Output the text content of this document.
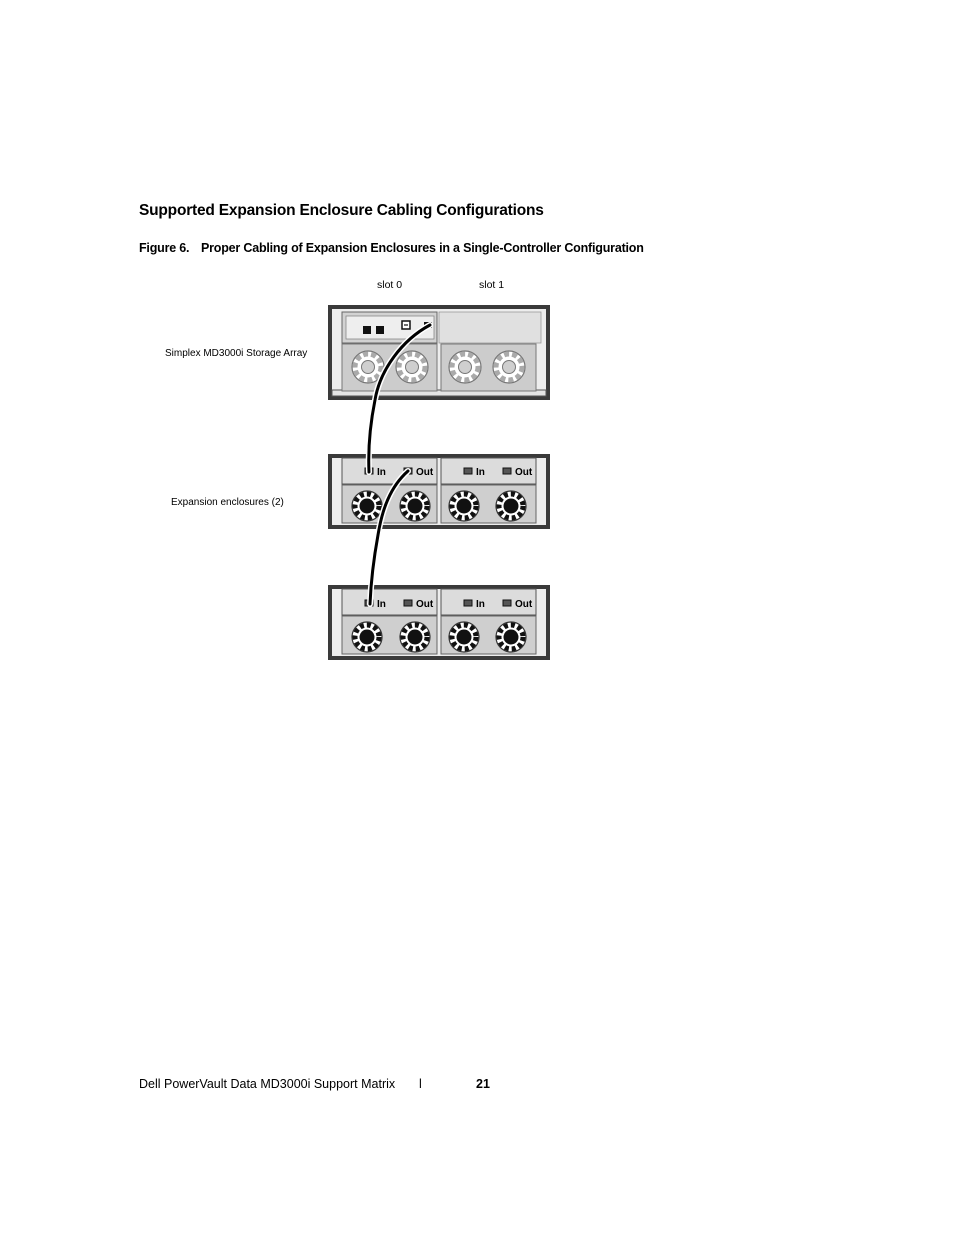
Supported Expansion Enclosure Cabling Configurations

Figure 6. Proper Cabling of Expansion Enclosures in a Single-Controller Configuration

slot 0	slot 1
Simplex MD3000i Storage Array
Expansion enclosures (2)
In	Out	In	Out
In	Out	In	Out
Dell PowerVault Data MD3000i Support Matrix l	21
